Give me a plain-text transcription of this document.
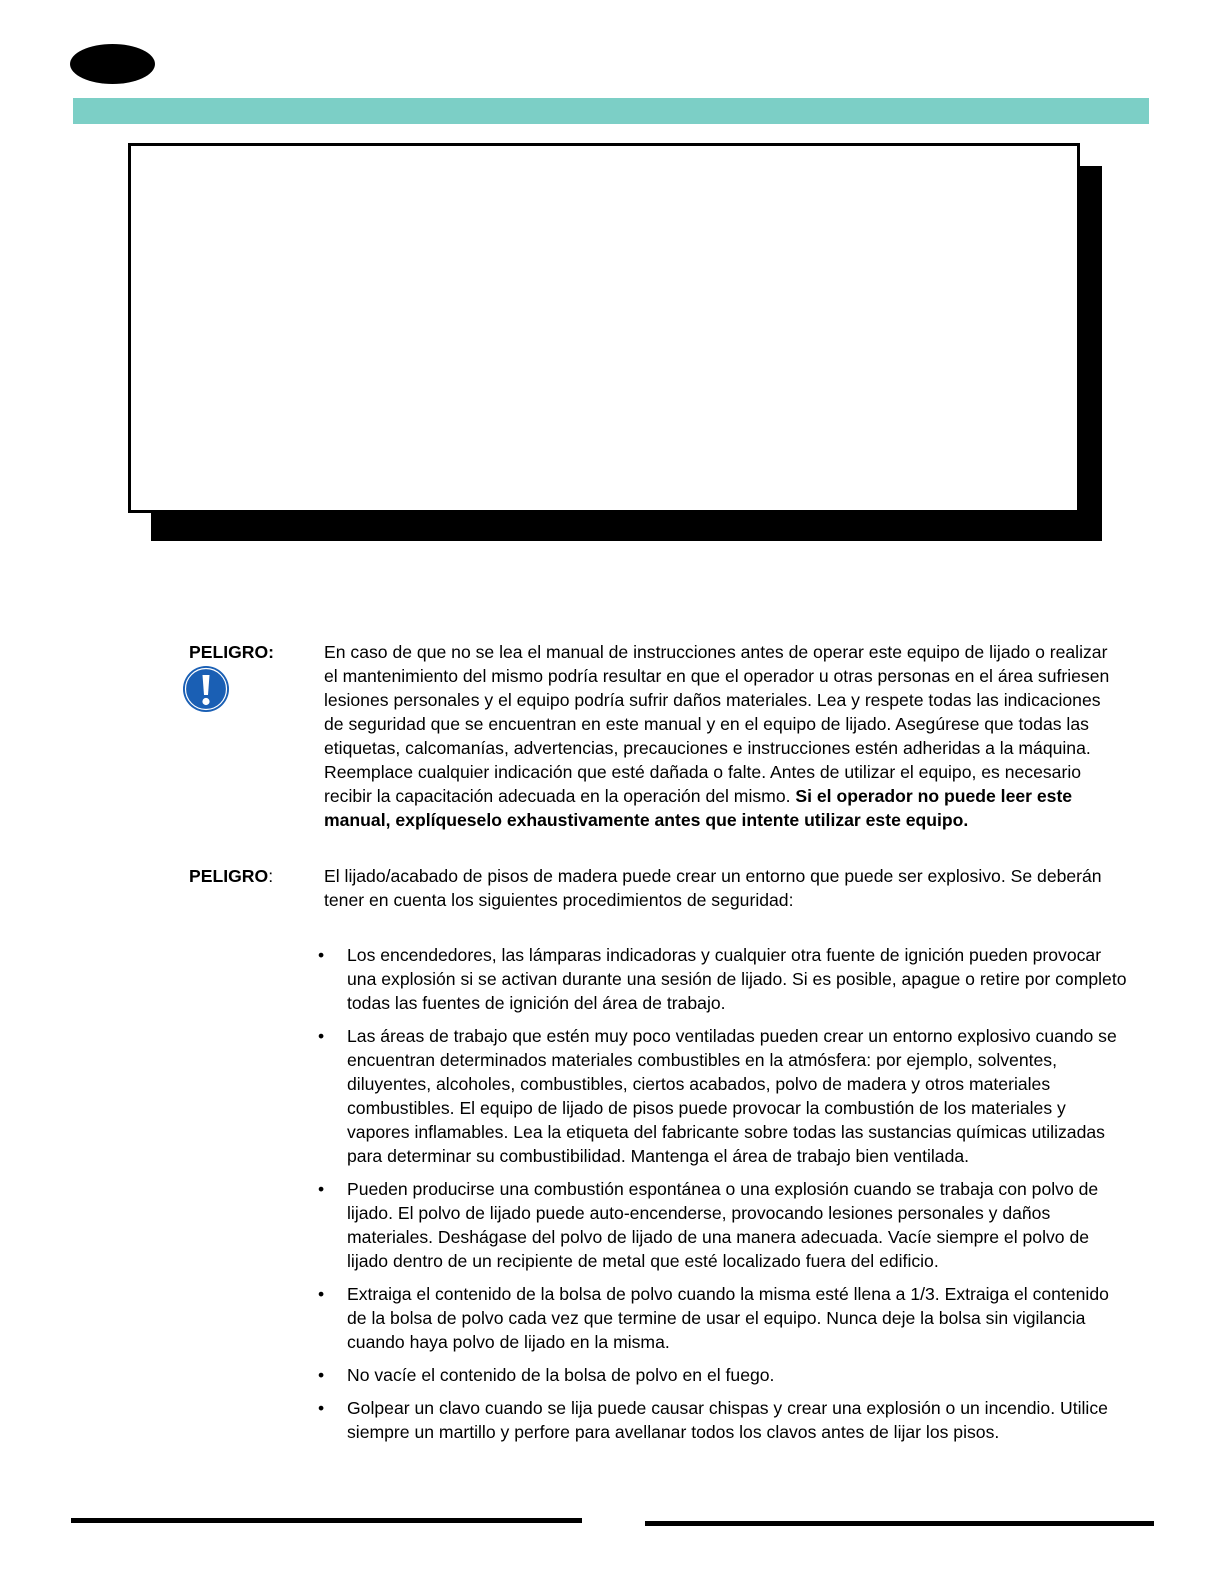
PELIGRO:	En caso de que no se lea el manual de instrucciones antes de operar este equipo de lijado o realizar el mantenimiento del mismo podría resultar en que el operador u otras personas en el área sufriesen lesiones personales y el equipo podría sufrir daños materiales. Lea y respete todas las indicaciones de seguridad que se encuentran en este manual y en el equipo de lijado. Asegúrese que todas las etiquetas, calcomanías, advertencias, precauciones e instrucciones estén adheridas a la máquina. Reemplace cualquier indicación que esté dañada o falte. Antes de utilizar el equipo, es necesario recibir la capacitación adecuada en la operación del mismo. Si el operador no puede leer este manual, explíqueselo exhaustivamente antes que intente utilizar este equipo.

PELIGRO:	El lijado/acabado de pisos de madera puede crear un entorno que puede ser explosivo. Se deberán tener en cuenta los siguientes procedimientos de seguridad:

• Los encendedores, las lámparas indicadoras y cualquier otra fuente de ignición pueden provocar una explosión si se activan durante una sesión de lijado. Si es posible, apague o retire por completo todas las fuentes de ignición del área de trabajo.
• Las áreas de trabajo que estén muy poco ventiladas pueden crear un entorno explosivo cuando se encuentran determinados materiales combustibles en la atmósfera: por ejemplo, solventes, diluyentes, alcoholes, combustibles, ciertos acabados, polvo de madera y otros materiales combustibles. El equipo de lijado de pisos puede provocar la combustión de los materiales y vapores inflamables. Lea la etiqueta del fabricante sobre todas las sustancias químicas utilizadas para determinar su combustibilidad. Mantenga el área de trabajo bien ventilada.
• Pueden producirse una combustión espontánea o una explosión cuando se trabaja con polvo de lijado. El polvo de lijado puede auto-encenderse, provocando lesiones personales y daños materiales. Deshágase del polvo de lijado de una manera adecuada. Vacíe siempre el polvo de lijado dentro de un recipiente de metal que esté localizado fuera del edificio.
• Extraiga el contenido de la bolsa de polvo cuando la misma esté llena a 1/3. Extraiga el contenido de la bolsa de polvo cada vez que termine de usar el equipo. Nunca deje la bolsa sin vigilancia cuando haya polvo de lijado en la misma.
• No vacíe el contenido de la bolsa de polvo en el fuego.
• Golpear un clavo cuando se lija puede causar chispas y crear una explosión o un incendio. Utilice siempre un martillo y perfore para avellanar todos los clavos antes de lijar los pisos.
